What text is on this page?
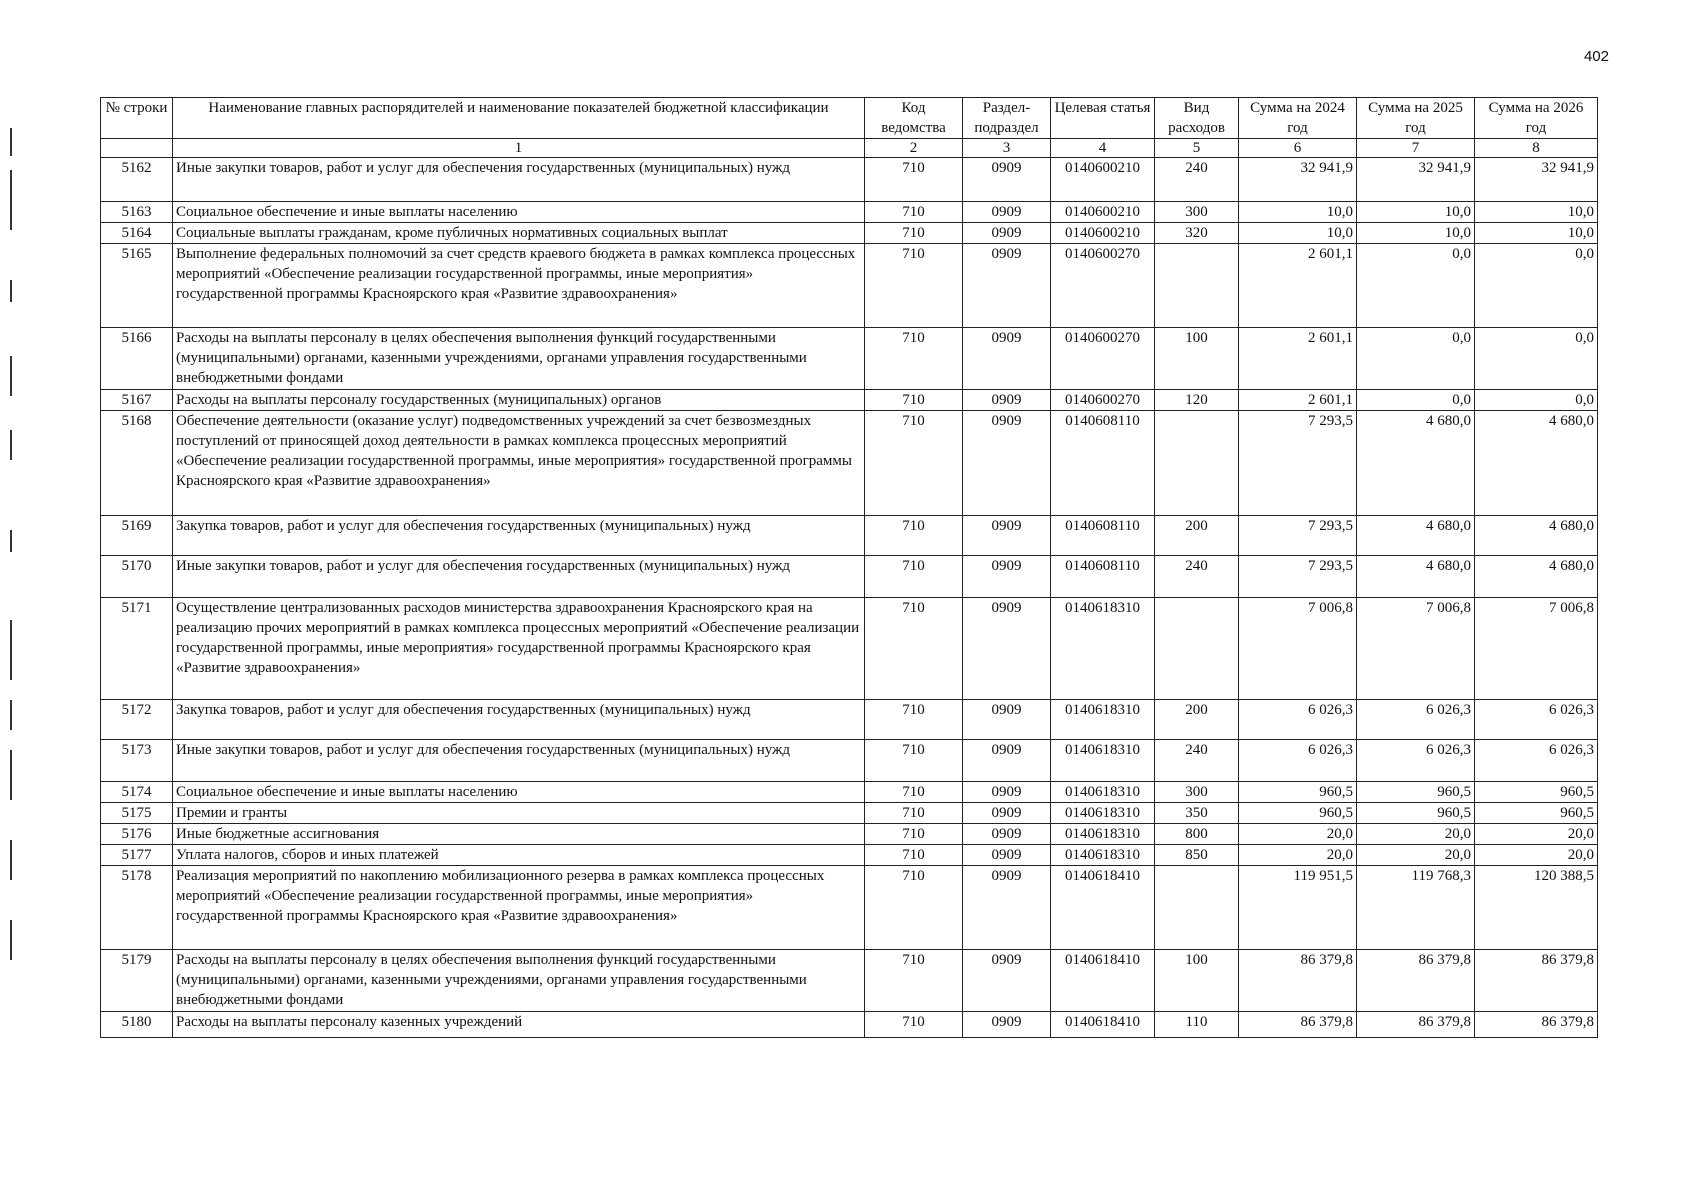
402
№ строки	Наименование главных распорядителей и наименование показателей бюджетной классификации	Код ведомства	Раздел-подраздел	Целевая статья	Вид расходов	Сумма на 2024 год	Сумма на 2025 год	Сумма на 2026 год
	1	2	3	4	5	6	7	8
5162	Иные закупки товаров, работ и услуг для обеспечения государственных (муниципальных) нужд	710	0909	0140600210	240	32 941,9	32 941,9	32 941,9
5163	Социальное обеспечение и иные выплаты населению	710	0909	0140600210	300	10,0	10,0	10,0
5164	Социальные выплаты гражданам, кроме публичных нормативных социальных выплат	710	0909	0140600210	320	10,0	10,0	10,0
5165	Выполнение федеральных полномочий за счет средств краевого бюджета в рамках комплекса процессных мероприятий «Обеспечение реализации государственной программы, иные мероприятия» государственной программы Красноярского края «Развитие здравоохранения»	710	0909	0140600270		2 601,1	0,0	0,0
5166	Расходы на выплаты персоналу в целях обеспечения выполнения функций государственными (муниципальными) органами, казенными учреждениями, органами управления государственными внебюджетными фондами	710	0909	0140600270	100	2 601,1	0,0	0,0
5167	Расходы на выплаты персоналу государственных (муниципальных) органов	710	0909	0140600270	120	2 601,1	0,0	0,0
5168	Обеспечение деятельности (оказание услуг) подведомственных учреждений за счет безвозмездных поступлений от приносящей доход деятельности в рамках комплекса процессных мероприятий «Обеспечение реализации государственной программы, иные мероприятия» государственной программы Красноярского края «Развитие здравоохранения»	710	0909	0140608110		7 293,5	4 680,0	4 680,0
5169	Закупка товаров, работ и услуг для обеспечения государственных (муниципальных) нужд	710	0909	0140608110	200	7 293,5	4 680,0	4 680,0
5170	Иные закупки товаров, работ и услуг для обеспечения государственных (муниципальных) нужд	710	0909	0140608110	240	7 293,5	4 680,0	4 680,0
5171	Осуществление централизованных расходов министерства здравоохранения Красноярского края на реализацию прочих мероприятий в рамках комплекса процессных мероприятий «Обеспечение реализации государственной программы, иные мероприятия» государственной программы Красноярского края «Развитие здравоохранения»	710	0909	0140618310		7 006,8	7 006,8	7 006,8
5172	Закупка товаров, работ и услуг для обеспечения государственных (муниципальных) нужд	710	0909	0140618310	200	6 026,3	6 026,3	6 026,3
5173	Иные закупки товаров, работ и услуг для обеспечения государственных (муниципальных) нужд	710	0909	0140618310	240	6 026,3	6 026,3	6 026,3
5174	Социальное обеспечение и иные выплаты населению	710	0909	0140618310	300	960,5	960,5	960,5
5175	Премии и гранты	710	0909	0140618310	350	960,5	960,5	960,5
5176	Иные бюджетные ассигнования	710	0909	0140618310	800	20,0	20,0	20,0
5177	Уплата налогов, сборов и иных платежей	710	0909	0140618310	850	20,0	20,0	20,0
5178	Реализация мероприятий по накоплению мобилизационного резерва в рамках комплекса процессных мероприятий «Обеспечение реализации государственной программы, иные мероприятия» государственной программы Красноярского края «Развитие здравоохранения»	710	0909	0140618410		119 951,5	119 768,3	120 388,5
5179	Расходы на выплаты персоналу в целях обеспечения выполнения функций государственными (муниципальными) органами, казенными учреждениями, органами управления государственными внебюджетными фондами	710	0909	0140618410	100	86 379,8	86 379,8	86 379,8
5180	Расходы на выплаты персоналу казенных учреждений	710	0909	0140618410	110	86 379,8	86 379,8	86 379,8
